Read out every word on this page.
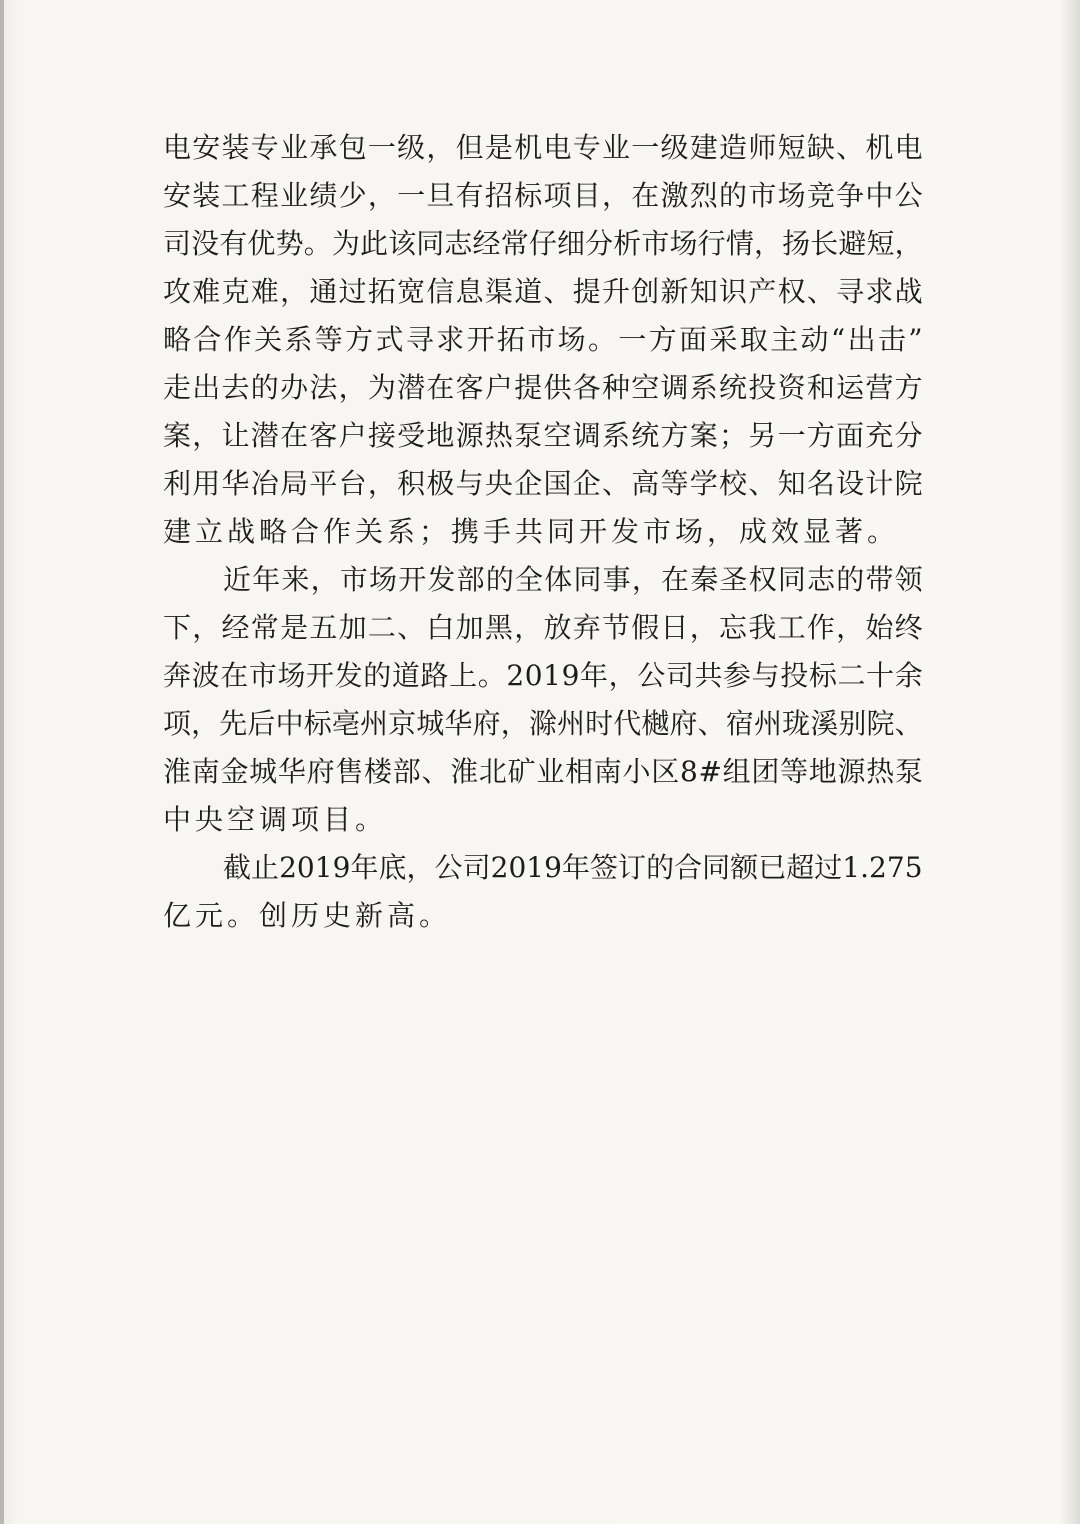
电 安 装 专 业 承 包 一 级 ， 但 是 机 电 专 业 一 级 建 造 师 短 缺 、 机 电
安 装 工 程 业 绩 少 ， 一 旦 有 招 标 项 目 ， 在 激 烈 的 市 场 竞 争 中 公
司 没 有 优 势 。 为 此 该 同 志 经 常 仔 细 分 析 市 场 行 情 ， 扬 长 避 短 ，
攻 难 克 难 ， 通 过 拓 宽 信 息 渠 道 、 提 升 创 新 知 识 产 权 、 寻 求 战
略 合 作 关 系 等 方 式 寻 求 开 拓 市 场 。 一 方 面 采 取 主 动 “ 出 击 ”
走 出 去 的 办 法 ， 为 潜 在 客 户 提 供 各 种 空 调 系 统 投 资 和 运 营 方
案 ， 让 潜 在 客 户 接 受 地 源 热 泵 空 调 系 统 方 案 ； 另 一 方 面 充 分
利 用 华 冶 局 平 台 ， 积 极 与 央 企 国 企 、 高 等 学 校 、 知 名 设 计 院
建立战略合作关系；携手共同开发市场，成效显著。
近 年 来 ， 市 场 开 发 部 的 全 体 同 事 ， 在 秦 圣 权 同 志 的 带 领
下 ， 经 常 是 五 加 二 、 白 加 黑 ， 放 弃 节 假 日 ， 忘 我 工 作 ， 始 终
奔 波 在 市 场 开 发 的 道 路 上 。 2 0 1 9 年 ， 公 司 共 参 与 投 标 二 十 余
项 ， 先 后 中 标 亳 州 京 城 华 府 ， 滁 州 时 代 樾 府 、 宿 州 珑 溪 别 院 、
淮 南 金 城 华 府 售 楼 部 、 淮 北 矿 业 相 南 小 区 8 # 组 团 等 地 源 热 泵
中央空调项目。
截 止 2 0 1 9 年 底 ， 公 司 2 0 1 9 年 签 订 的 合 同 额 已 超 过 1 . 2 7 5
亿元。创历史新高。
